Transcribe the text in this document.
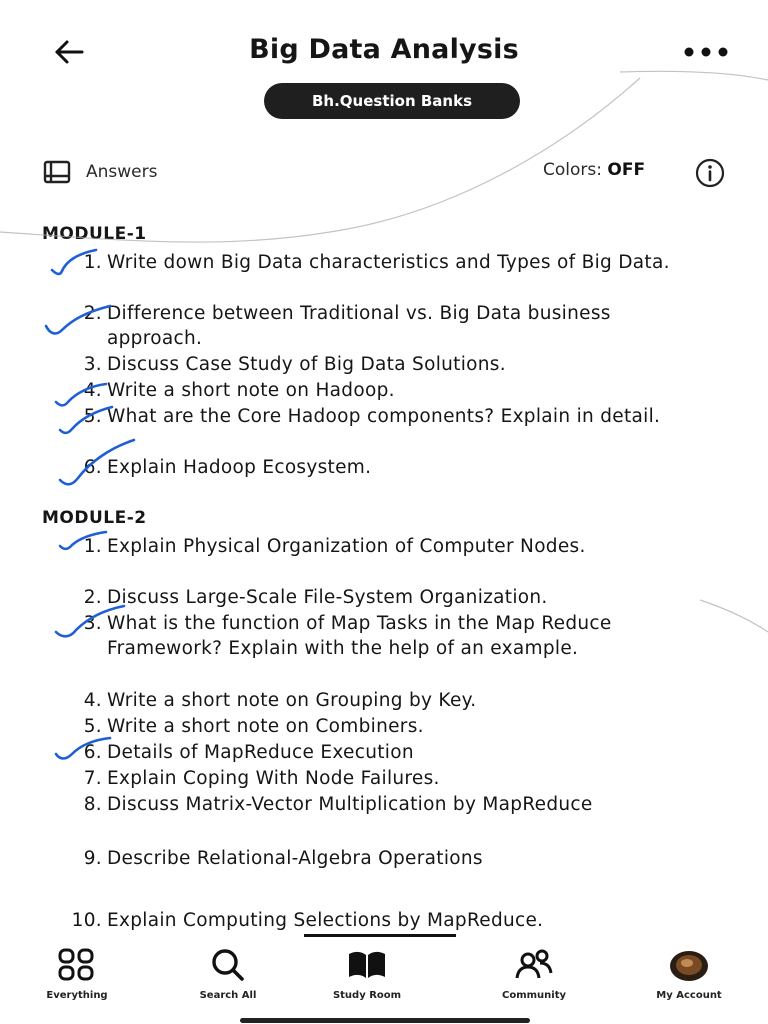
Big Data Analysis
Bh.Question Banks
Answers	Colors: OFF
MODULE-1
1. Write down Big Data characteristics and Types of Big Data.
2. Difference between Traditional vs. Big Data business approach.
3. Discuss Case Study of Big Data Solutions.
4. Write a short note on Hadoop.
5. What are the Core Hadoop components? Explain in detail.
6. Explain Hadoop Ecosystem.
MODULE-2
1. Explain Physical Organization of Computer Nodes.
2. Discuss Large-Scale File-System Organization.
3. What is the function of Map Tasks in the Map Reduce Framework? Explain with the help of an example.
4. Write a short note on Grouping by Key.
5. Write a short note on Combiners.
6. Details of MapReduce Execution
7. Explain Coping With Node Failures.
8. Discuss Matrix-Vector Multiplication by MapReduce
9. Describe Relational-Algebra Operations
10. Explain Computing Selections by MapReduce.
Everything	Search All	Study Room	Community	My Account
